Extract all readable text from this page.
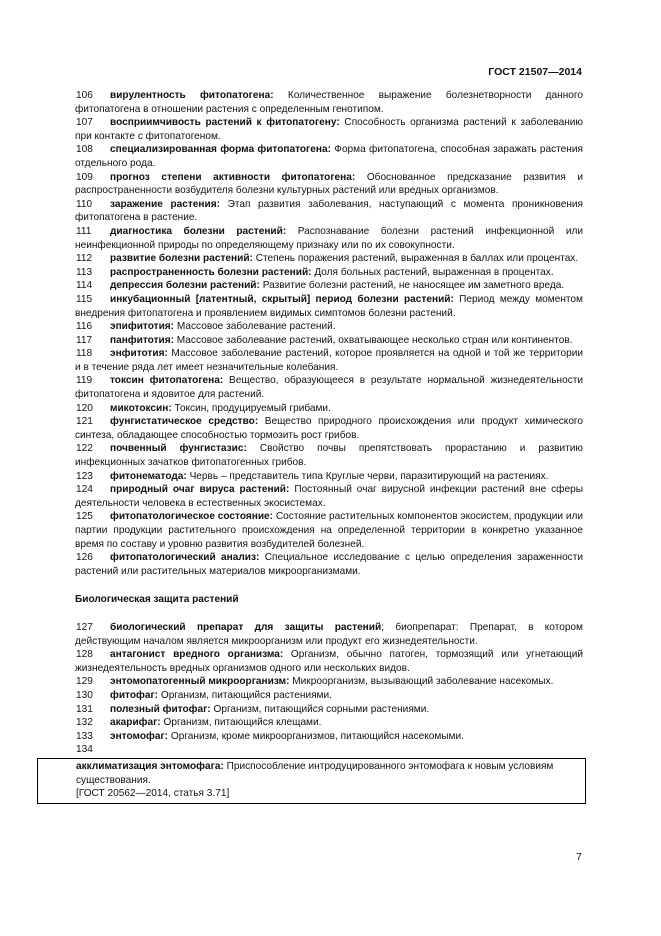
ГОСТ 21507—2014
106 вирулентность фитопатогена: Количественное выражение болезнетворности данного фитопатогена в отношении растения с определенным генотипом.
107 восприимчивость растений к фитопатогену: Способность организма растений к заболеванию при контакте с фитопатогеном.
108 специализированная форма фитопатогена: Форма фитопатогена, способная заражать растения отдельного рода.
109 прогноз степени активности фитопатогена: Обоснованное предсказание развития и распространенности возбудителя болезни культурных растений или вредных организмов.
110 заражение растения: Этап развития заболевания, наступающий с момента проникновения фитопатогена в растение.
111 диагностика болезни растений: Распознавание болезни растений инфекционной или неинфекционной природы по определяющему признаку или по их совокупности.
112 развитие болезни растений: Степень поражения растений, выраженная в баллах или процентах.
113 распространенность болезни растений: Доля больных растений, выраженная в процентах.
114 депрессия болезни растений: Развитие болезни растений, не наносящее им заметного вреда.
115 инкубационный [латентный, скрытый] период болезни растений: Период между моментом внедрения фитопатогена и проявлением видимых симптомов болезни растений.
116 эпифитотия: Массовое заболевание растений.
117 панфитотия: Массовое заболевание растений, охватывающее несколько стран или континентов.
118 энфитотия: Массовое заболевание растений, которое проявляется на одной и той же территории и в течение ряда лет имеет незначительные колебания.
119 токсин фитопатогена: Вещество, образующееся в результате нормальной жизнедеятельности фитопатогена и ядовитое для растений.
120 микотоксин: Токсин, продуцируемый грибами.
121 фунгистатическое средство: Вещество природного происхождения или продукт химического синтеза, обладающее способностью тормозить рост грибов.
122 почвенный фунгистазис: Свойство почвы препятствовать прорастанию и развитию инфекционных зачатков фитопатогенных грибов.
123 фитонематода: Червь – представитель типа Круглые черви, паразитирующий на растениях.
124 природный очаг вируса растений: Постоянный очаг вирусной инфекции растений вне сферы деятельности человека в естественных экосистемах.
125 фитопатологическое состояние: Состояние растительных компонентов экосистем, продукции или партии продукции растительного происхождения на определенной территории в конкретно указанное время по составу и уровню развития возбудителей болезней.
126 фитопатологический анализ: Специальное исследование с целью определения зараженности растений или растительных материалов микроорганизмами.
Биологическая защита растений
127 биологический препарат для защиты растений; биопрепарат: Препарат, в котором действующим началом является микроорганизм или продукт его жизнедеятельности.
128 антагонист вредного организма: Организм, обычно патоген, тормозящий или угнетающий жизнедеятельность вредных организмов одного или нескольких видов.
129 энтомопатогенный микроорганизм: Микроорганизм, вызывающий заболевание насекомых.
130 фитофаг: Организм, питающийся растениями.
131 полезный фитофаг: Организм, питающийся сорными растениями.
132 акарифаг: Организм, питающийся клещами.
133 энтомофаг: Организм, кроме микроорганизмов, питающийся насекомыми.
134
акклиматизация энтомофага: Приспособление интродуцированного энтомофага к новым условиям существования.
[ГОСТ 20562—2014, статья 3.71]
7
